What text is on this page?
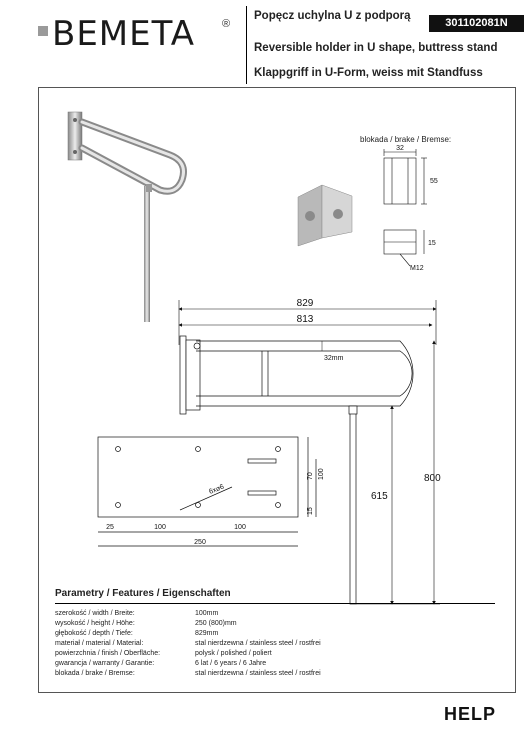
BEMETA ®
Popęcz uchylna U z podporą
301102081N
Reversible holder in U shape, buttress stand
Klappgriff in U-Form, weiss mit Standfuss
32
55
15
M12
829
813
32mm
800
615
6x⌀6
70 100
15
25	100	100
250
blokada / brake / Bremse:
Parametry / Features / Eigenschaften
szerokość / width / Breite:	100mm
wysokość / height / Höhe:	250 (800)mm
głębokość / depth / Tiefe:	829mm
materiał / material / Material:	stal nierdzewna / stainless steel / rostfrei
powierzchnia / finish / Oberfläche:	polysk / polished / poliert
gwarancja / warranty / Garantie:	6 lat / 6 years / 6 Jahre
blokada / brake / Bremse:	stal nierdzewna / stainless steel / rostfrei
HELP
